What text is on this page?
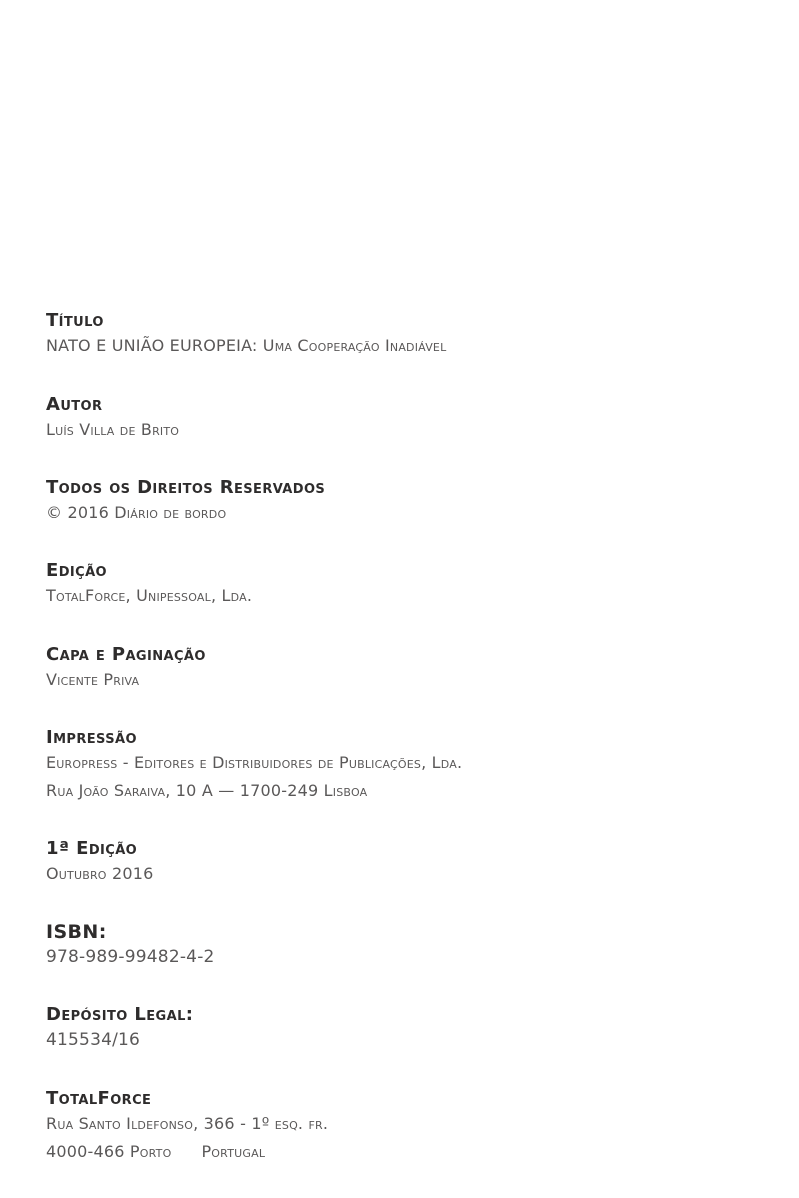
Título
NATO E UNIÃO EUROPEIA: Uma Cooperação Inadiável
Autor
Luís Villa de Brito
Todos os Direitos Reservados
© 2016 Diário de bordo
Edição
TotalForce, Unipessoal, Lda.
Capa e Paginação
Vicente Priva
Impressão
Europress - Editores e Distribuidores de Publicações, Lda.
Rua João Saraiva, 10 A — 1700-249 Lisboa
1ª Edição
Outubro 2016
ISBN:
978-989-99482-4-2
Depósito Legal:
415534/16
TotalForce
Rua Santo Ildefonso, 366 - 1º esq. fr.
4000-466 Porto Portugal
